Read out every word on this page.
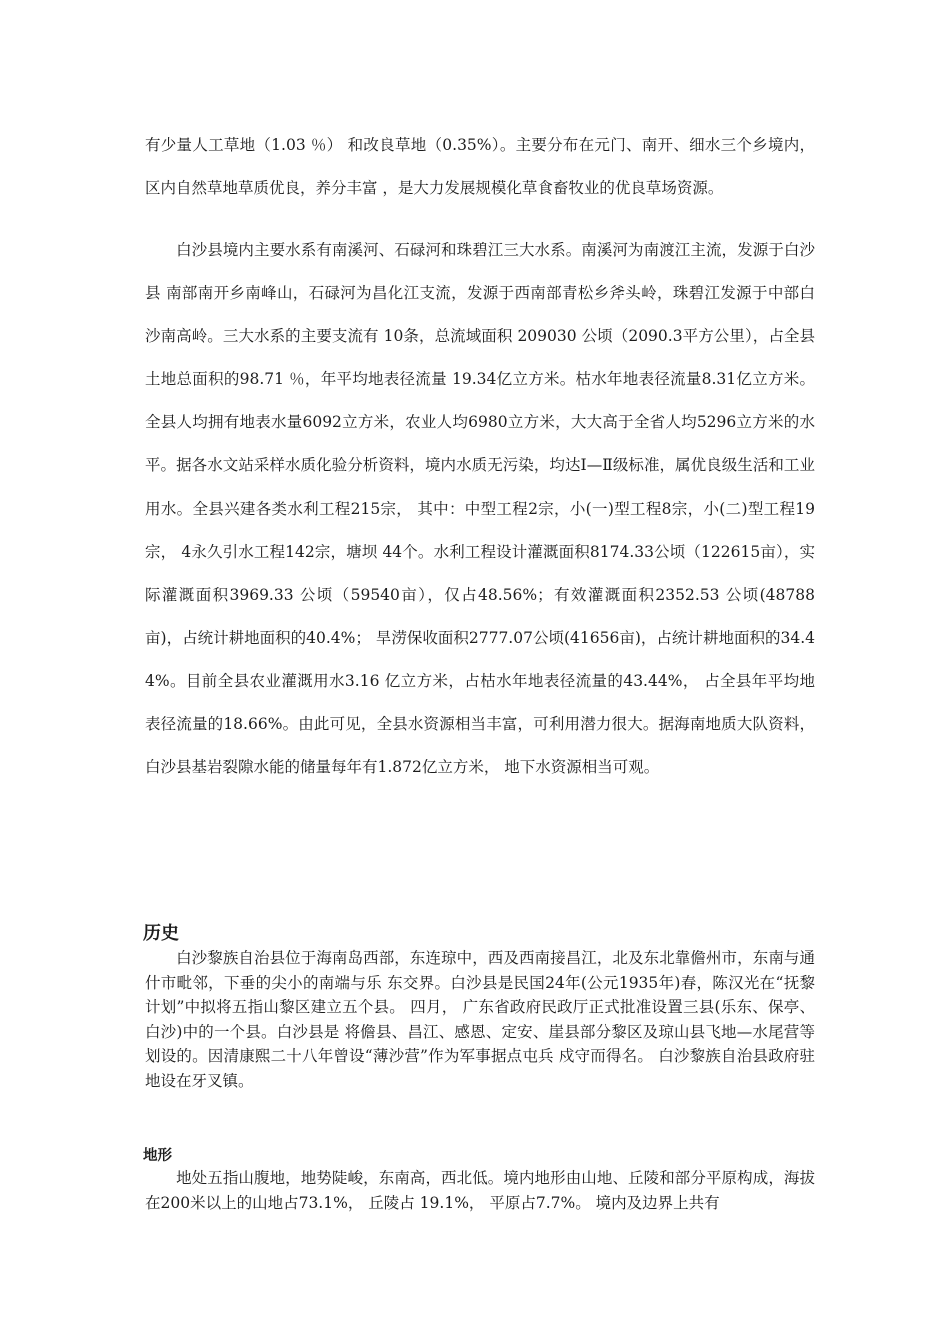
有少量人工草地（1.03 ％） 和改良草地（0.35%）。主要分布在元门、南开、细水三个乡境内，区内自然草地草质优良，养分丰富 ，是大力发展规模化草食畜牧业的优良草场资源。

白沙县境内主要水系有南溪河、石碌河和珠碧江三大水系。南溪河为南渡江主流，发源于白沙县 南部南开乡南峰山，石碌河为昌化江支流，发源于西南部青松乡斧头岭，珠碧江发源于中部白沙南高岭。三大水系的主要支流有 10条，总流域面积 209030 公顷（2090.3平方公里），占全县土地总面积的98.71 ％，年平均地表径流量 19.34亿立方米。枯水年地表径流量8.31亿立方米。全县人均拥有地表水量6092立方米，农业人均6980立方米，大大高于全省人均5296立方米的水平。据各水文站采样水质化验分析资料，境内水质无污染，均达Ⅰ—Ⅱ级标准，属优良级生活和工业用水。全县兴建各类水利工程215宗， 其中：中型工程2宗，小(一)型工程8宗，小(二)型工程19宗， 4永久引水工程142宗，塘坝 44个。水利工程设计灌溉面积8174.33公顷（122615亩），实际灌溉面积3969.33 公顷（59540亩），仅占48.56%；有效灌溉面积2352.53 公顷(48788亩)，占统计耕地面积的40.4%； 旱涝保收面积2777.07公顷(41656亩)，占统计耕地面积的34.44%。目前全县农业灌溉用水3.16 亿立方米，占枯水年地表径流量的43.44%， 占全县年平均地表径流量的18.66%。由此可见，全县水资源相当丰富，可利用潜力很大。据海南地质大队资料，白沙县基岩裂隙水能的储量每年有1.872亿立方米， 地下水资源相当可观。

历史

白沙黎族自治县位于海南岛西部，东连琼中，西及西南接昌江，北及东北靠儋州市，东南与通什市毗邻，下垂的尖小的南端与乐 东交界。白沙县是民国24年(公元1935年)春，陈汉光在“抚黎 计划”中拟将五指山黎区建立五个县。 四月， 广东省政府民政厅正式批准设置三县(乐东、保亭、白沙)中的一个县。白沙县是 将儋县、昌江、感恩、定安、崖县部分黎区及琼山县飞地—水尾营等划设的。因清康熙二十八年曾设“薄沙营”作为军事据点屯兵 戍守而得名。 白沙黎族自治县政府驻地设在牙叉镇。

地形

地处五指山腹地，地势陡峻，东南高，西北低。境内地形由山地、丘陵和部分平原构成，海拔在200米以上的山地占73.1%， 丘陵占 19.1%， 平原占7.7%。 境内及边界上共有
